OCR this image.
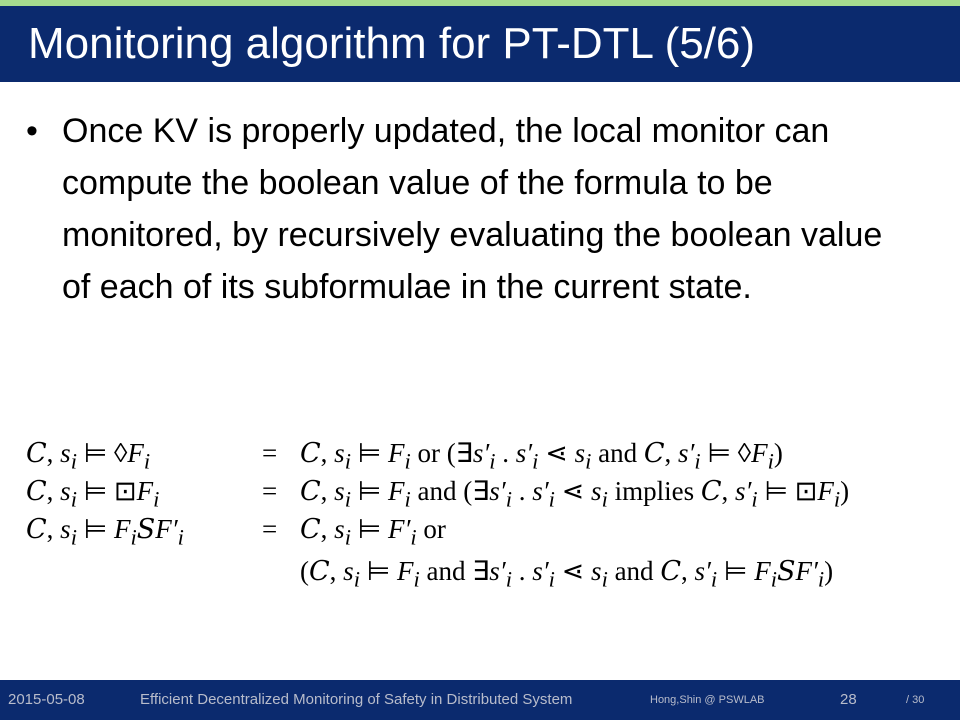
Monitoring algorithm for PT-DTL (5/6)
• Once KV is properly updated, the local monitor can compute the boolean value of the formula to be monitored, by recursively evaluating the boolean value of each of its subformulae in the current state.
C, $s_i$ ⊨ $◊F_i$	= C, $s_i$ ⊨ $F_i$ or ($\exists s'_i$ . $s'_i$ ⋖ $s_i$ and C, $s'_i$ ⊨ $◊F_i$)
C, $s_i$ ⊨ $⊡F_i$	= C, $s_i$ ⊨ $F_i$ and ($\exists s'_i$ . $s'_i$ ⋖ $s_i$ implies C, $s'_i$ ⊨ $⊡F_i$)
C, $s_i$ ⊨ $F_iSF'_i$	= C, $s_i$ ⊨ $F'_i$ or
(C, $s_i$ ⊨ $F_i$ and $\exists s'_i$ . $s'_i$ ⋖ $s_i$ and C, $s'_i$ ⊨ $F_iSF'_i$)
2015-05-08	Efficient Decentralized Monitoring of Safety in Distributed System	Hong,Shin @ PSWLAB	28	/ 30
